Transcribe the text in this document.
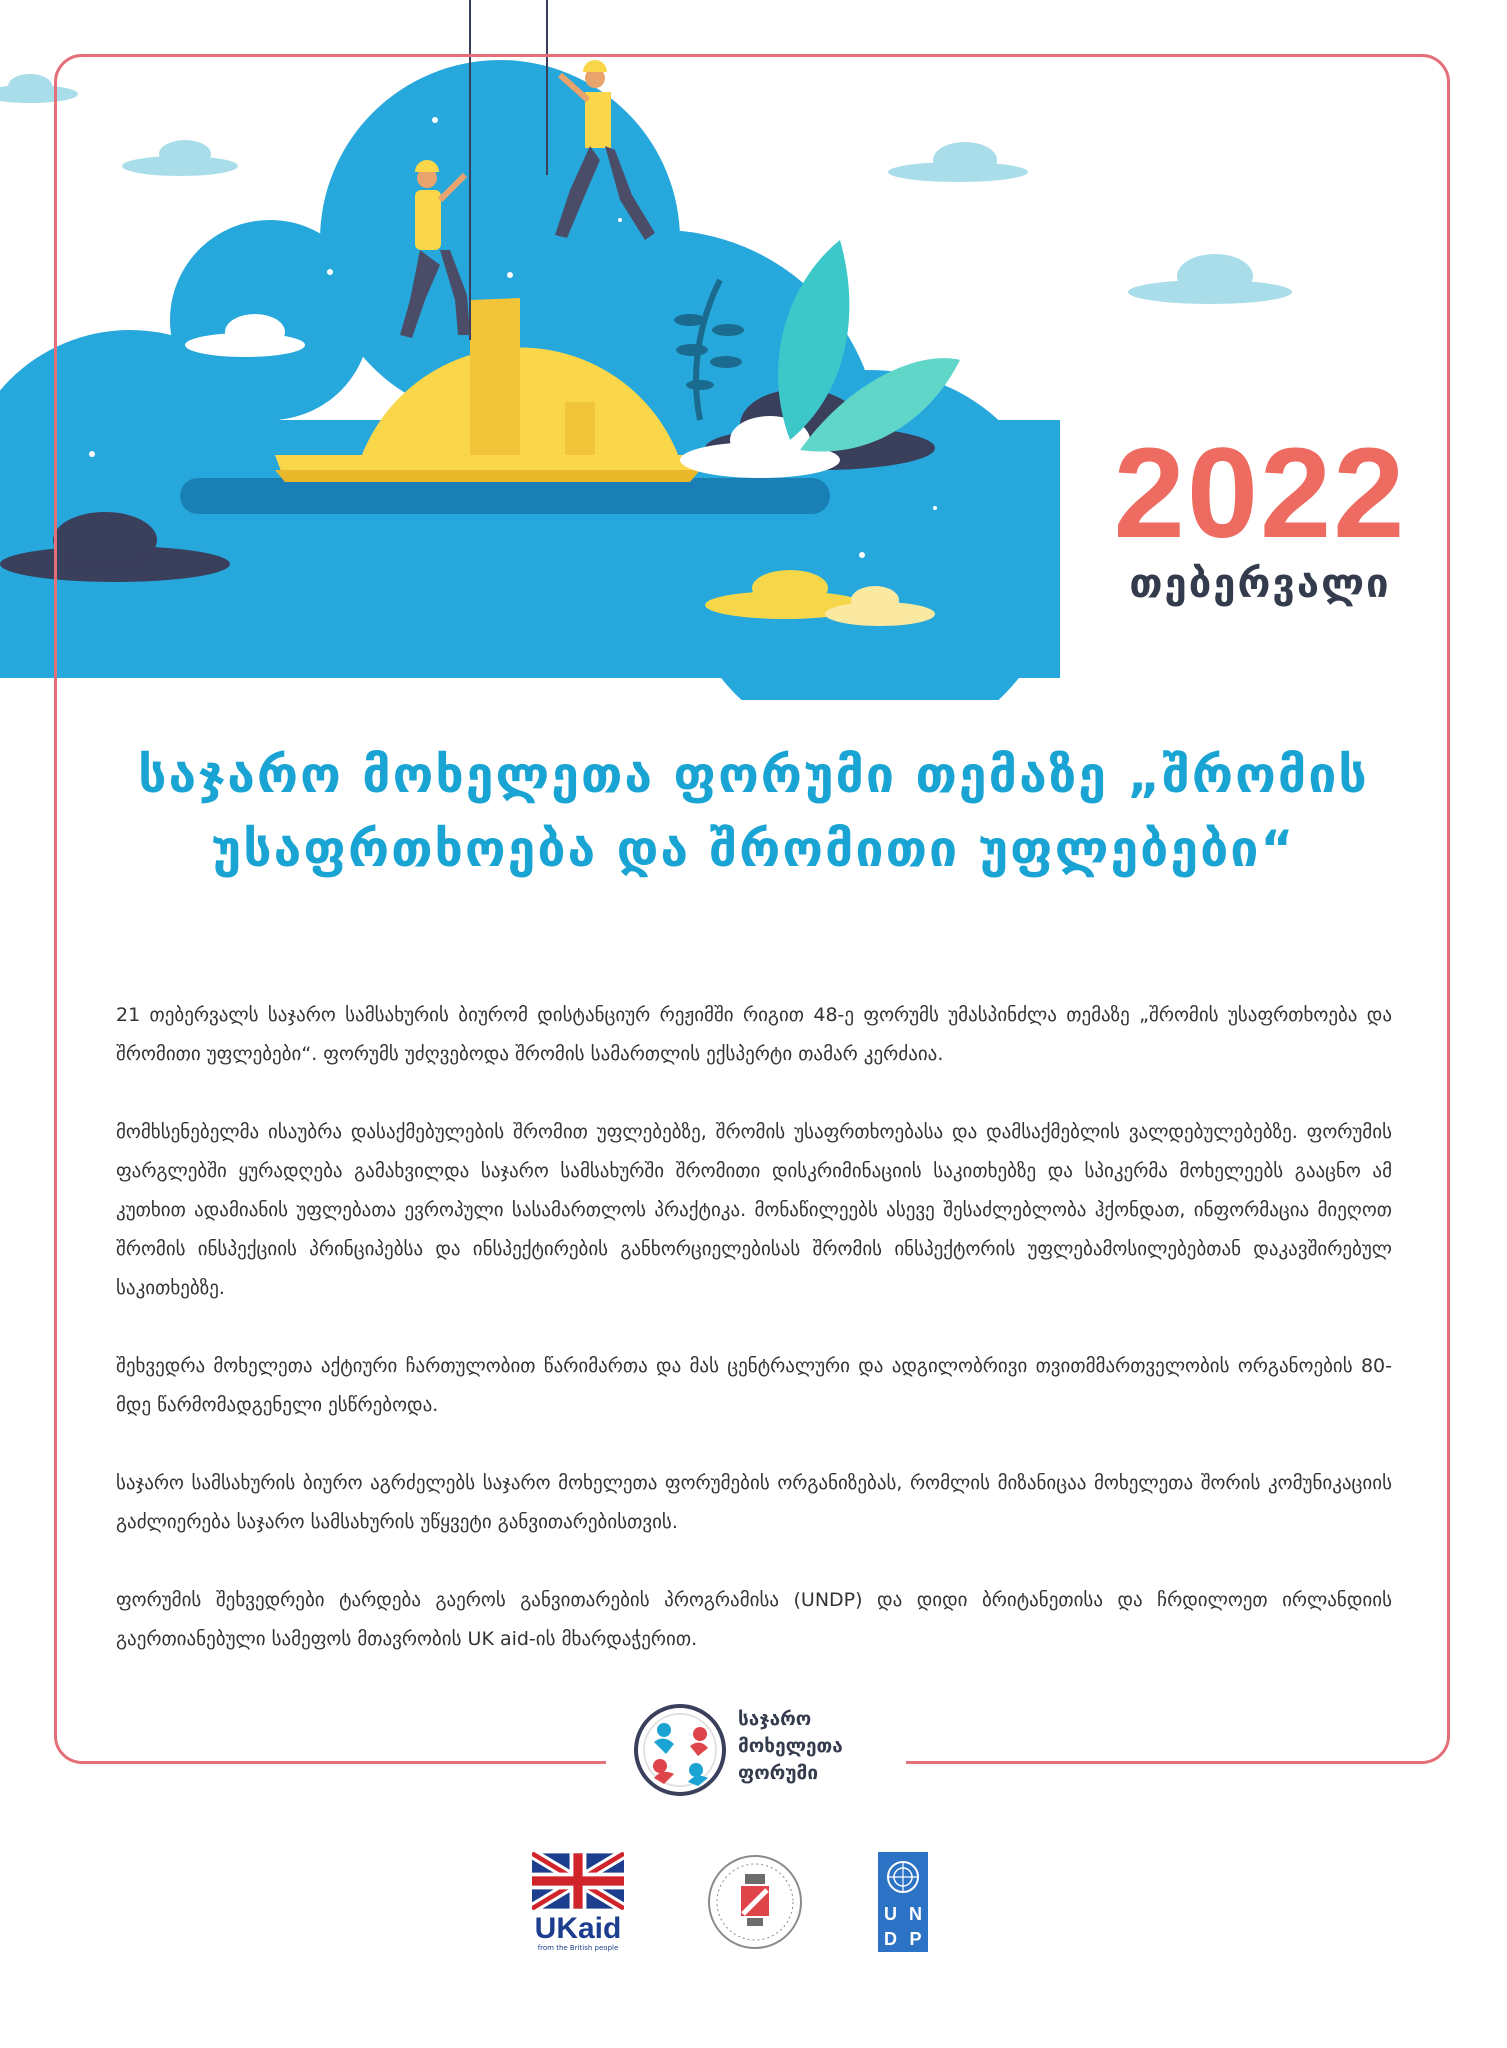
2022
თებერვალი
საჯარო მოხელეთა ფორუმი თემაზე „შრომის უსაფრთხოება და შრომითი უფლებები“

21 თებერვალს საჯარო სამსახურის ბიურომ დისტანციურ რეჟიმში რიგით 48-ე ფორუმს უმასპინძლა თემაზე „შრომის უსაფრთხოება და შრომითი უფლებები“. ფორუმს უძღვებოდა შრომის სამართლის ექსპერტი თამარ კერძაია.

მომხსენებელმა ისაუბრა დასაქმებულების შრომით უფლებებზე, შრომის უსაფრთხოებასა და დამსაქმებლის ვალდებულებებზე. ფორუმის ფარგლებში ყურადღება გამახვილდა საჯარო სამსახურში შრომითი დისკრიმინაციის საკითხებზე და სპიკერმა მოხელეებს გააცნო ამ კუთხით ადამიანის უფლებათა ევროპული სასამართლოს პრაქტიკა. მონაწილეებს ასევე შესაძლებლობა ჰქონდათ, ინფორმაცია მიეღოთ შრომის ინსპექციის პრინციპებსა და ინსპექტირების განხორციელებისას შრომის ინსპექტორის უფლებამოსილებებთან დაკავშირებულ საკითხებზე.

შეხვედრა მოხელეთა აქტიური ჩართულობით წარიმართა და მას ცენტრალური და ადგილობრივი თვითმმართველობის ორგანოების 80-მდე წარმომადგენელი ესწრებოდა.

საჯარო სამსახურის ბიურო აგრძელებს საჯარო მოხელეთა ფორუმების ორგანიზებას, რომლის მიზანიცაა მოხელეთა შორის კომუნიკაციის გაძლიერება საჯარო სამსახურის უწყვეტი განვითარებისთვის.

ფორუმის შეხვედრები ტარდება გაეროს განვითარების პროგრამისა (UNDP) და დიდი ბრიტანეთისა და ჩრდილოეთ ირლანდიის გაერთიანებული სამეფოს მთავრობის UK aid-ის მხარდაჭერით.

საჯარო
მოხელეთა
ფორუმი
UKaid
from the British people
U N
D P
